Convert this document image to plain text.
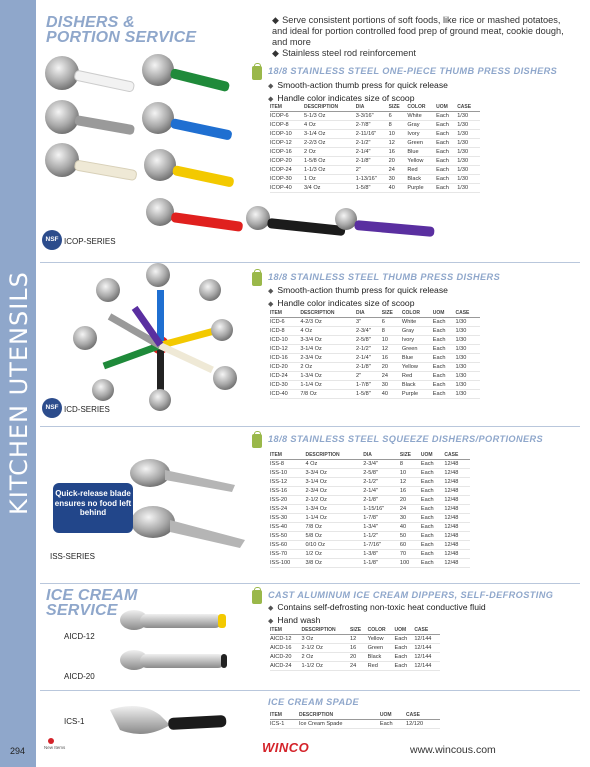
KITCHEN UTENSILS
DISHERS &
PORTION SERVICE
ICE CREAM
SERVICE
◆ Serve consistent portions of soft foods, like rice or mashed potatoes, and ideal for portion controlled food prep of ground meat, cookie dough, and more
◆ Stainless steel rod reinforcement
18/8 STAINLESS STEEL ONE-PIECE THUMB PRESS DISHERS
◆ Smooth-action thumb press for quick release
◆ Handle color indicates size of scoop
ITEM	DESCRIPTION	DIA	SIZE	COLOR	UOM	CASE
ICOP-6	5-1/3 Oz	3-3/16"	6	White	Each	1/30
ICOP-8	4 Oz	2-7/8"	8	Gray	Each	1/30
ICOP-10	3-1/4 Oz	2-11/16"	10	Ivory	Each	1/30
ICOP-12	2-2/3 Oz	2-1/2"	12	Green	Each	1/30
ICOP-16	2 Oz	2-1/4"	16	Blue	Each	1/30
ICOP-20	1-5/8 Oz	2-1/8"	20	Yellow	Each	1/30
ICOP-24	1-1/3 Oz	2"	24	Red	Each	1/30
ICOP-30	1 Oz	1-13/16"	30	Black	Each	1/30
ICOP-40	3/4 Oz	1-5/8"	40	Purple	Each	1/30
NSF ICOP-SERIES
18/8 STAINLESS STEEL THUMB PRESS DISHERS
◆ Smooth-action thumb press for quick release
◆ Handle color indicates size of scoop
ITEM	DESCRIPTION	DIA	SIZE	COLOR	UOM	CASE
ICD-6	4-2/3 Oz	3"	6	White	Each	1/30
ICD-8	4 Oz	2-3/4"	8	Gray	Each	1/30
ICD-10	3-3/4 Oz	2-5/8"	10	Ivory	Each	1/30
ICD-12	3-1/4 Oz	2-1/2"	12	Green	Each	1/30
ICD-16	2-3/4 Oz	2-1/4"	16	Blue	Each	1/30
ICD-20	2 Oz	2-1/8"	20	Yellow	Each	1/30
ICD-24	1-3/4 Oz	2"	24	Red	Each	1/30
ICD-30	1-1/4 Oz	1-7/8"	30	Black	Each	1/30
ICD-40	7/8 Oz	1-5/8"	40	Purple	Each	1/30
NSF ICD-SERIES
18/8 STAINLESS STEEL SQUEEZE DISHERS/PORTIONERS
ITEM	DESCRIPTION	DIA	SIZE	UOM	CASE
ISS-8	4 Oz	2-3/4"	8	Each	12/48
ISS-10	3-3/4 Oz	2-5/8"	10	Each	12/48
ISS-12	3-1/4 Oz	2-1/2"	12	Each	12/48
ISS-16	2-3/4 Oz	2-1/4"	16	Each	12/48
ISS-20	2-1/2 Oz	2-1/8"	20	Each	12/48
ISS-24	1-3/4 Oz	1-15/16"	24	Each	12/48
ISS-30	1-1/4 Oz	1-7/8"	30	Each	12/48
ISS-40	7/8 Oz	1-3/4"	40	Each	12/48
ISS-50	5/8 Oz	1-1/2"	50	Each	12/48
ISS-60	0/10 Oz	1-7/16"	60	Each	12/48
ISS-70	1/2 Oz	1-3/8"	70	Each	12/48
ISS-100	3/8 Oz	1-1/8"	100	Each	12/48
Quick-release blade ensures no food left behind
ISS-SERIES
CAST ALUMINUM ICE CREAM DIPPERS, SELF-DEFROSTING
◆ Contains self-defrosting non-toxic heat conductive fluid
◆ Hand wash
ITEM	DESCRIPTION	SIZE	COLOR	UOM	CASE
AICD-12	3 Oz	12	Yellow	Each	12/144
AICD-16	2-1/2 Oz	16	Green	Each	12/144
AICD-20	2 Oz	20	Black	Each	12/144
AICD-24	1-1/2 Oz	24	Red	Each	12/144
AICD-12
AICD-20
ICE CREAM SPADE
ITEM	DESCRIPTION	UOM	CASE
ICS-1	Ice Cream Spade	Each	12/120
ICS-1
294	New Items	WINCO	www.wincous.com
